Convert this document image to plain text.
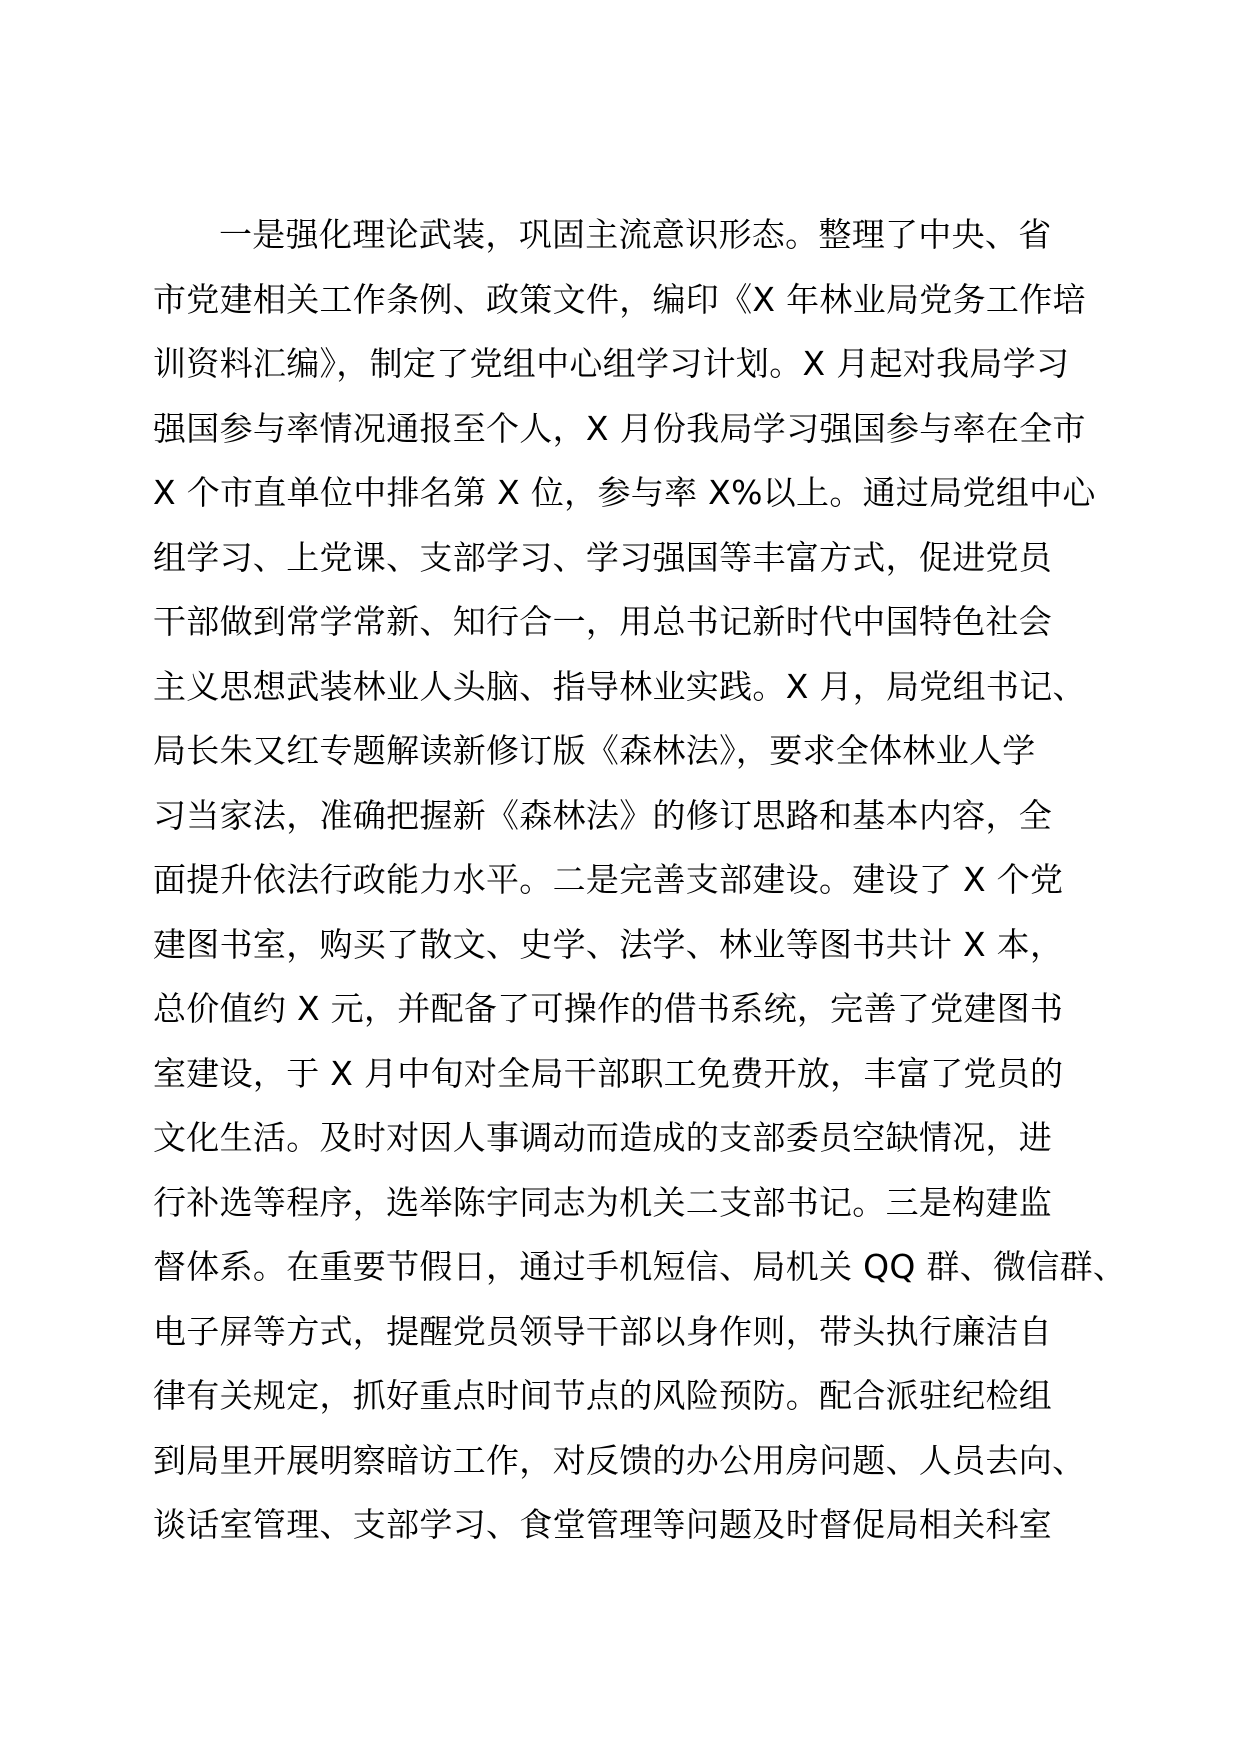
一是强化理论武装，巩固主流意识形态。整理了中央、省
市党建相关工作条例、政策文件，编印《X 年林业局党务工作培
训资料汇编》，制定了党组中心组学习计划。X 月起对我局学习
强国参与率情况通报至个人，X 月份我局学习强国参与率在全市
X 个市直单位中排名第 X 位，参与率 X%以上。通过局党组中心
组学习、上党课、支部学习、学习强国等丰富方式，促进党员
干部做到常学常新、知行合一，用总书记新时代中国特色社会
主义思想武装林业人头脑、指导林业实践。X 月，局党组书记、
局长朱又红专题解读新修订版《森林法》，要求全体林业人学
习当家法，准确把握新《森林法》的修订思路和基本内容，全
面提升依法行政能力水平。二是完善支部建设。建设了 X 个党
建图书室，购买了散文、史学、法学、林业等图书共计 X 本，
总价值约 X 元，并配备了可操作的借书系统，完善了党建图书
室建设，于 X 月中旬对全局干部职工免费开放，丰富了党员的
文化生活。及时对因人事调动而造成的支部委员空缺情况，进
行补选等程序，选举陈宇同志为机关二支部书记。三是构建监
督体系。在重要节假日，通过手机短信、局机关 QQ 群、微信群、
电子屏等方式，提醒党员领导干部以身作则，带头执行廉洁自
律有关规定，抓好重点时间节点的风险预防。配合派驻纪检组
到局里开展明察暗访工作，对反馈的办公用房问题、人员去向、
谈话室管理、支部学习、食堂管理等问题及时督促局相关科室
